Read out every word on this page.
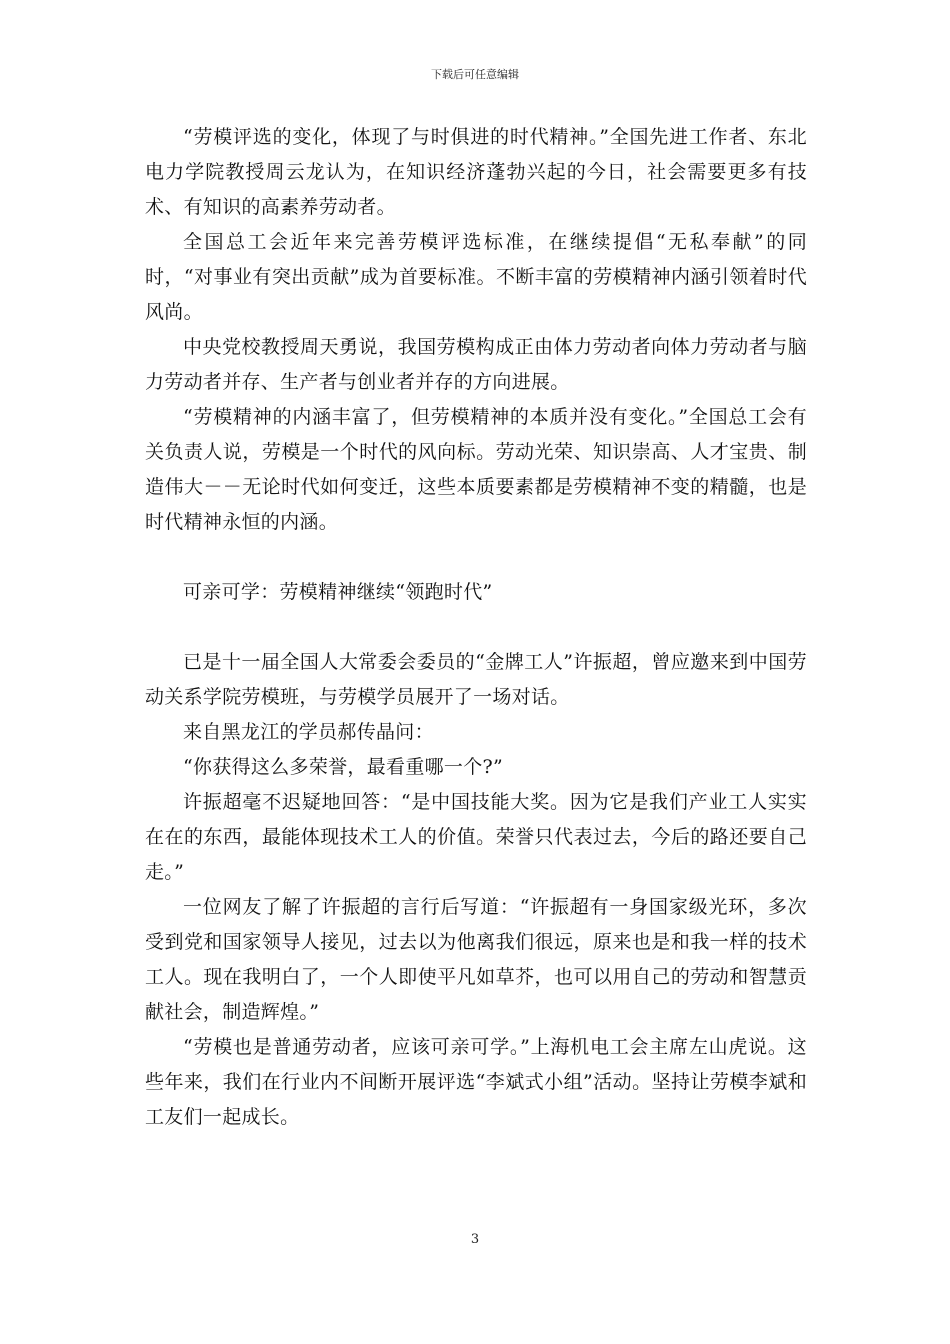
下载后可任意编辑

“劳模评选的变化，体现了与时俱进的时代精神。”全国先进工作者、东北电力学院教授周云龙认为，在知识经济蓬勃兴起的今日，社会需要更多有技术、有知识的高素养劳动者。

全国总工会近年来完善劳模评选标准，在继续提倡“无私奉献”的同时，“对事业有突出贡献”成为首要标准。不断丰富的劳模精神内涵引领着时代风尚。

中央党校教授周天勇说，我国劳模构成正由体力劳动者向体力劳动者与脑力劳动者并存、生产者与创业者并存的方向进展。

“劳模精神的内涵丰富了，但劳模精神的本质并没有变化。”全国总工会有关负责人说，劳模是一个时代的风向标。劳动光荣、知识崇高、人才宝贵、制造伟大－－无论时代如何变迁，这些本质要素都是劳模精神不变的精髓，也是时代精神永恒的内涵。

可亲可学：劳模精神继续“领跑时代”

已是十一届全国人大常委会委员的“金牌工人”许振超，曾应邀来到中国劳动关系学院劳模班，与劳模学员展开了一场对话。

来自黑龙江的学员郝传晶问：

“你获得这么多荣誉，最看重哪一个?”

许振超毫不迟疑地回答：“是中国技能大奖。因为它是我们产业工人实实在在的东西，最能体现技术工人的价值。荣誉只代表过去，今后的路还要自己走。”

一位网友了解了许振超的言行后写道：“许振超有一身国家级光环，多次受到党和国家领导人接见，过去以为他离我们很远，原来也是和我一样的技术工人。现在我明白了，一个人即使平凡如草芥，也可以用自己的劳动和智慧贡献社会，制造辉煌。”

“劳模也是普通劳动者，应该可亲可学。”上海机电工会主席左山虎说。这些年来，我们在行业内不间断开展评选“李斌式小组”活动。坚持让劳模李斌和工友们一起成长。

3
